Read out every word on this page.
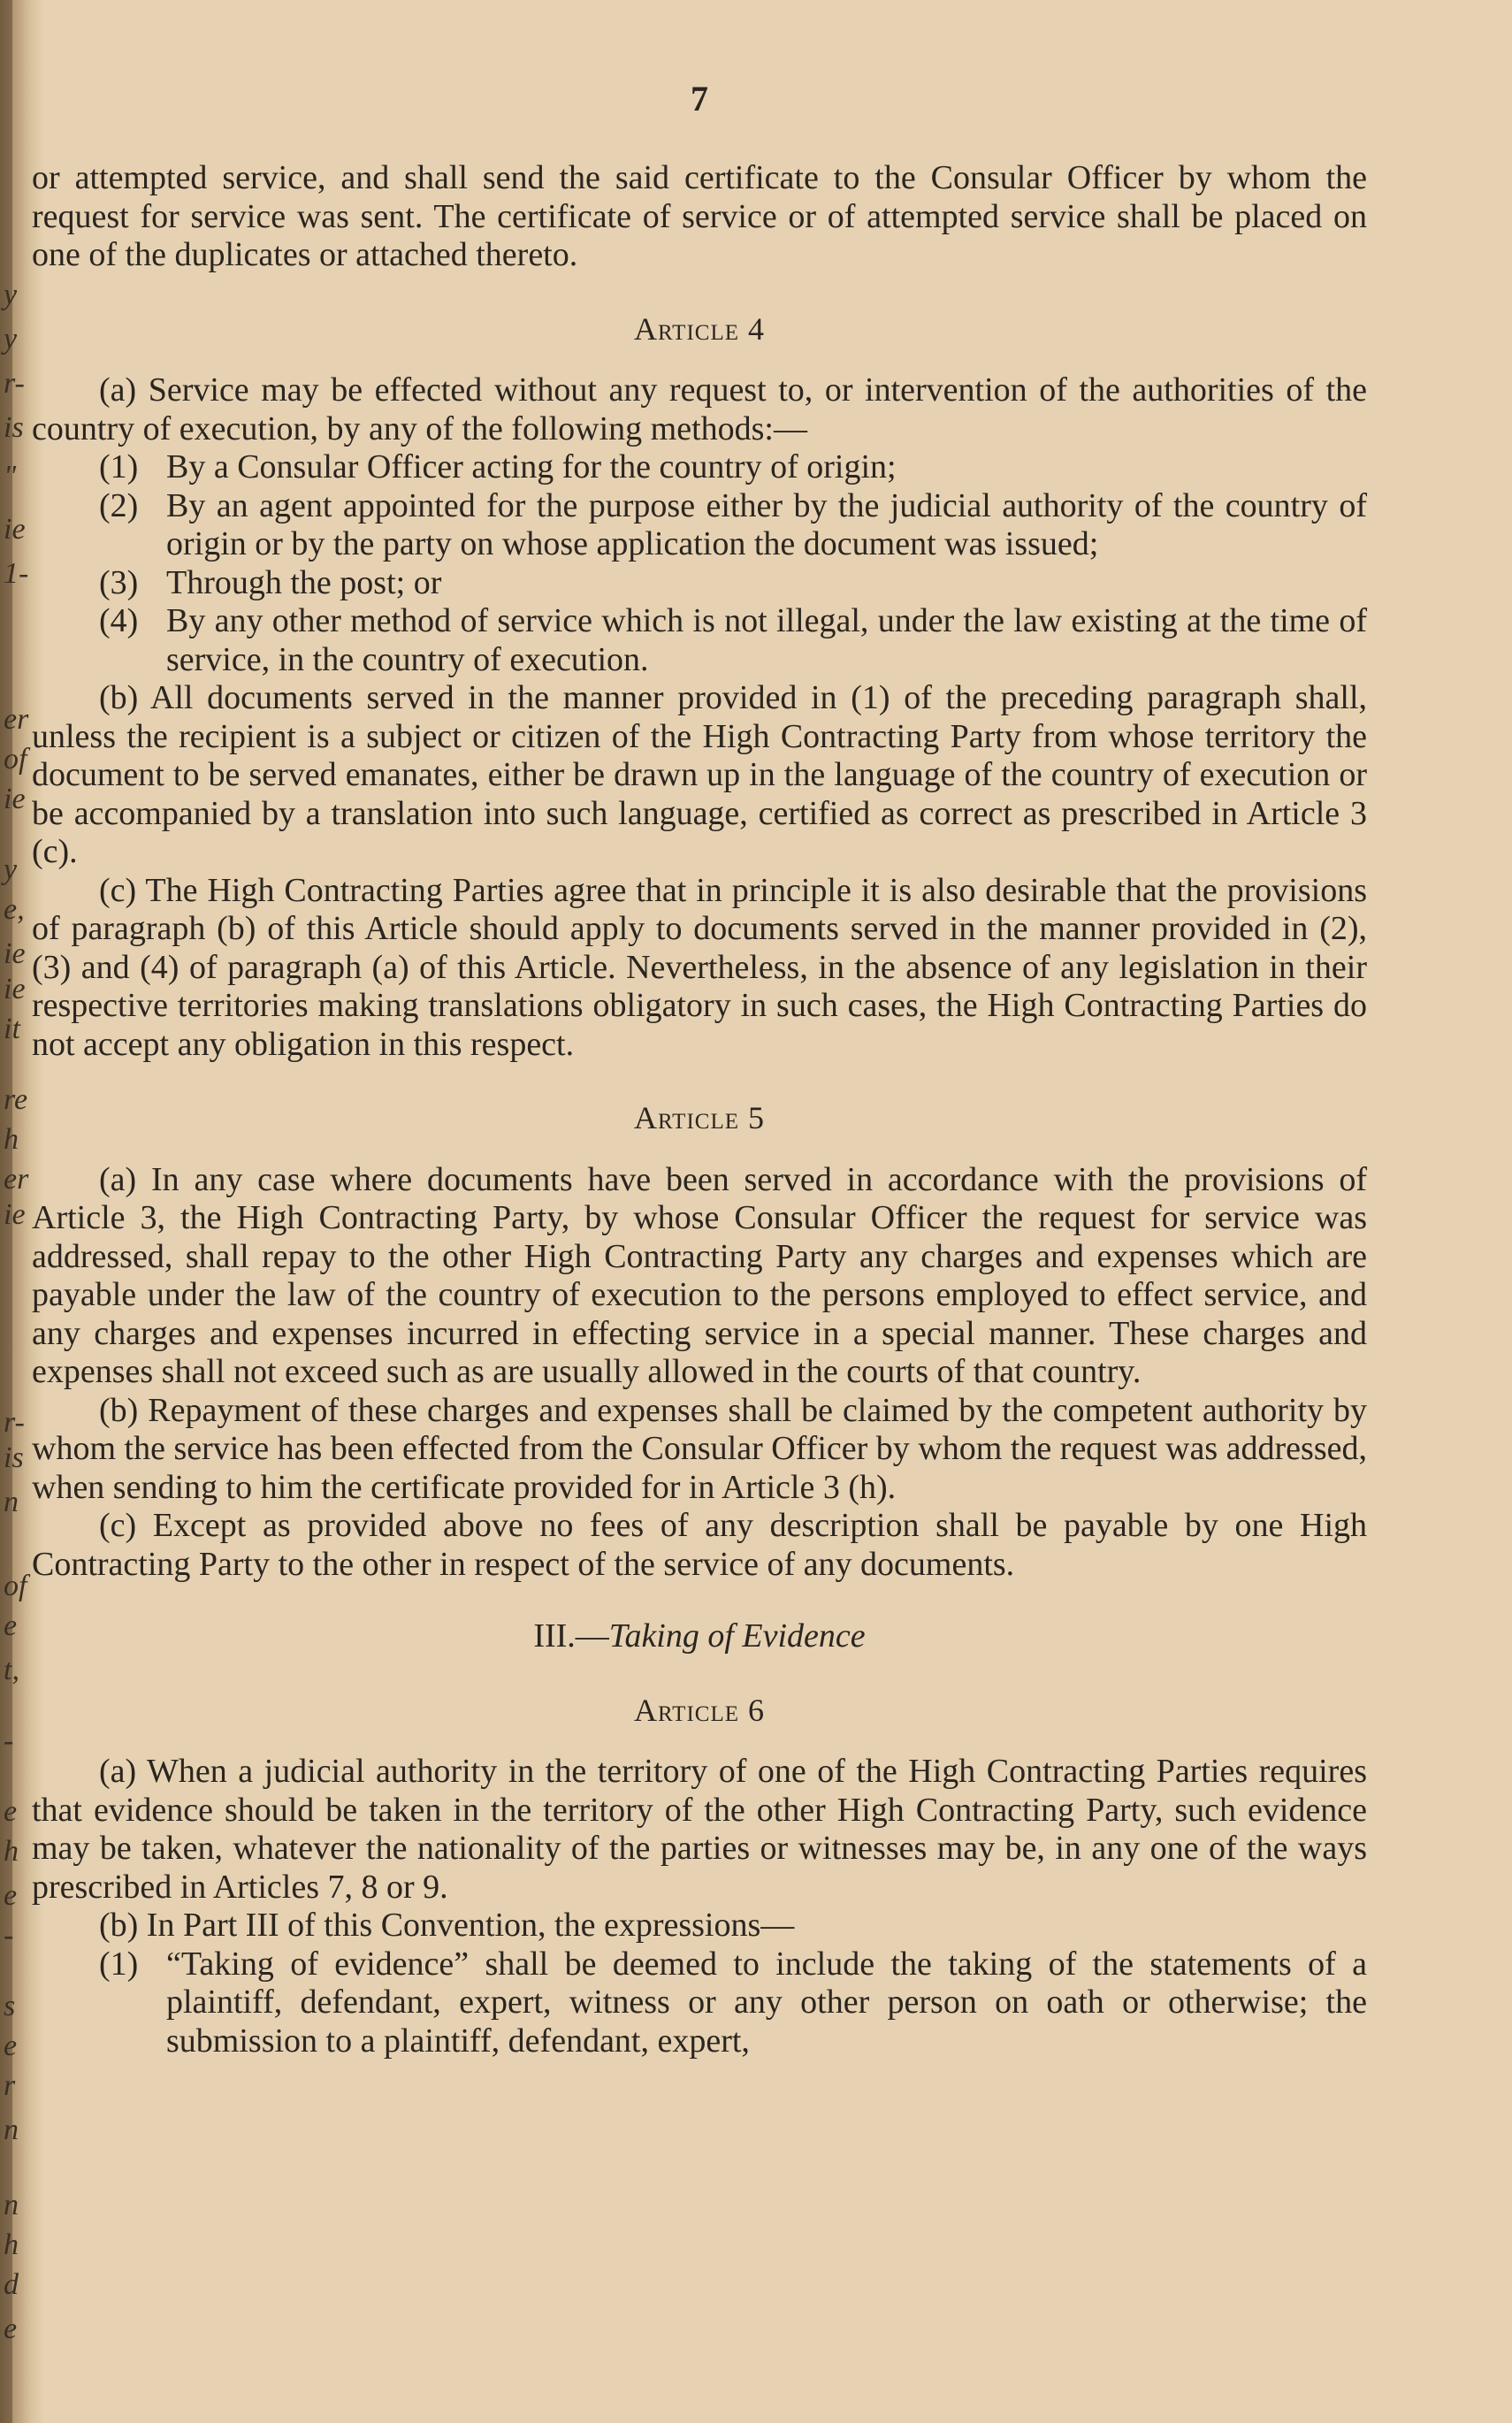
y
y
r-
is
"
ie
1-
er
of
ie
y
e,
ie
ie
it
re
h
er
ie
r-
is
n
of
e
t,
-
e
h
e
-
s
e
r
n
n
h
d
e
7

or attempted service, and shall send the said certificate to the Consular Officer by whom the request for service was sent. The certificate of service or of attempted service shall be placed on one of the duplicates or attached thereto.

Article 4

(a) Service may be effected without any request to, or intervention of the authorities of the country of execution, by any of the following methods:—

(1) By a Consular Officer acting for the country of origin;
(2) By an agent appointed for the purpose either by the judicial authority of the country of origin or by the party on whose application the document was issued;
(3) Through the post; or
(4) By any other method of service which is not illegal, under the law existing at the time of service, in the country of execution.

(b) All documents served in the manner provided in (1) of the preceding paragraph shall, unless the recipient is a subject or citizen of the High Contracting Party from whose territory the document to be served emanates, either be drawn up in the language of the country of execution or be accompanied by a translation into such language, certified as correct as prescribed in Article 3 (c).

(c) The High Contracting Parties agree that in principle it is also desirable that the provisions of paragraph (b) of this Article should apply to documents served in the manner provided in (2), (3) and (4) of paragraph (a) of this Article. Nevertheless, in the absence of any legislation in their respective territories making translations obligatory in such cases, the High Contracting Parties do not accept any obligation in this respect.

Article 5

(a) In any case where documents have been served in accordance with the provisions of Article 3, the High Contracting Party, by whose Consular Officer the request for service was addressed, shall repay to the other High Contracting Party any charges and expenses which are payable under the law of the country of execution to the persons employed to effect service, and any charges and expenses incurred in effecting service in a special manner. These charges and expenses shall not exceed such as are usually allowed in the courts of that country.

(b) Repayment of these charges and expenses shall be claimed by the competent authority by whom the service has been effected from the Consular Officer by whom the request was addressed, when sending to him the certificate provided for in Article 3 (h).

(c) Except as provided above no fees of any description shall be payable by one High Contracting Party to the other in respect of the service of any documents.

III.—Taking of Evidence
Article 6

(a) When a judicial authority in the territory of one of the High Contracting Parties requires that evidence should be taken in the territory of the other High Contracting Party, such evidence may be taken, whatever the nationality of the parties or witnesses may be, in any one of the ways prescribed in Articles 7, 8 or 9.

(b) In Part III of this Convention, the expressions—

(1) “Taking of evidence” shall be deemed to include the taking of the statements of a plaintiff, defendant, expert, witness or any other person on oath or otherwise; the submission to a plaintiff, defendant, expert,
